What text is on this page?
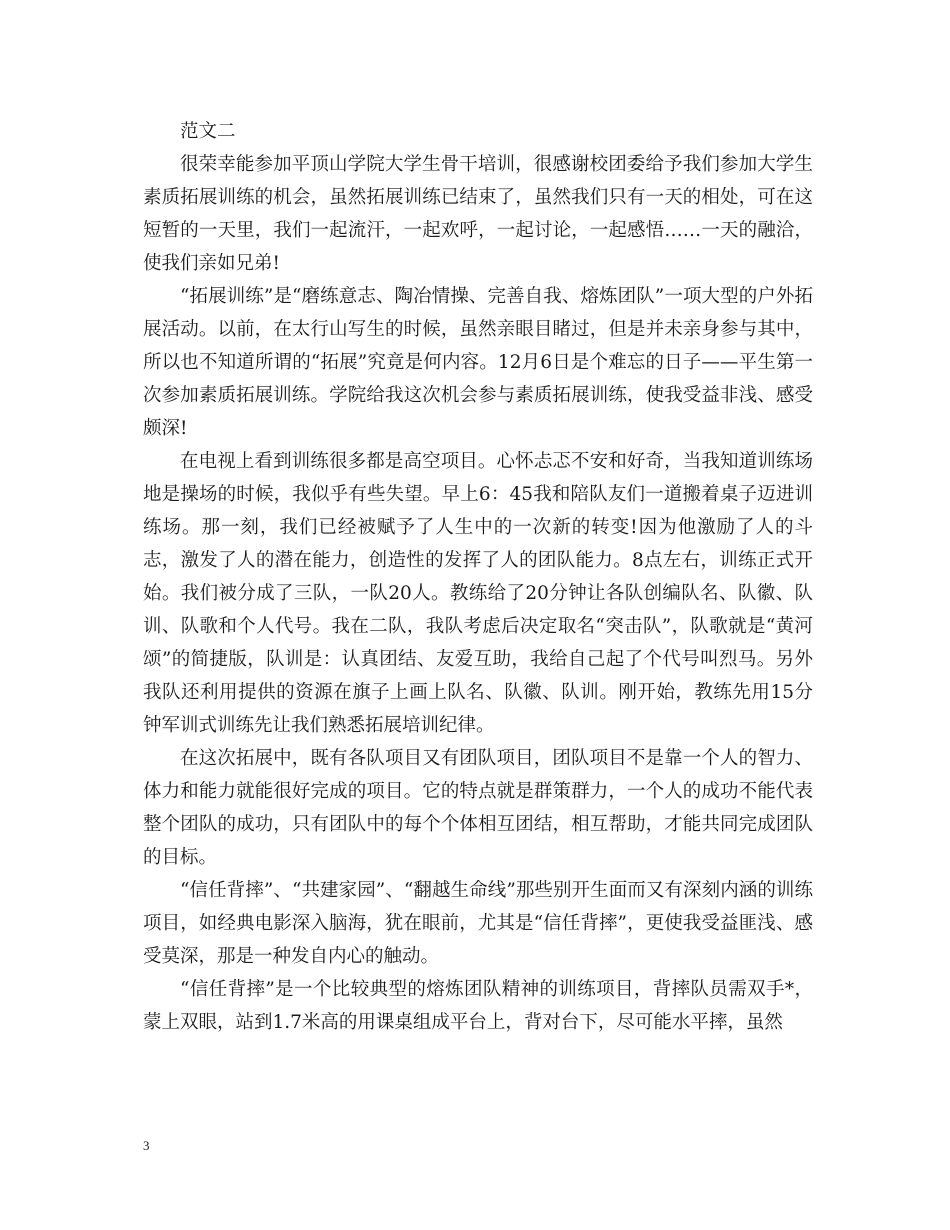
范文二

很荣幸能参加平顶山学院大学生骨干培训，很感谢校团委给予我们参加大学生素质拓展训练的机会，虽然拓展训练已结束了，虽然我们只有一天的相处，可在这短暂的一天里，我们一起流汗，一起欢呼，一起讨论，一起感悟……一天的融洽，使我们亲如兄弟!

“拓展训练”是“磨练意志、陶冶情操、完善自我、熔炼团队”一项大型的户外拓展活动。以前，在太行山写生的时候，虽然亲眼目睹过，但是并未亲身参与其中，所以也不知道所谓的“拓展”究竟是何内容。12月6日是个难忘的日子——平生第一次参加素质拓展训练。学院给我这次机会参与素质拓展训练，使我受益非浅、感受颇深!

在电视上看到训练很多都是高空项目。心怀忐忑不安和好奇，当我知道训练场地是操场的时候，我似乎有些失望。早上6：45我和陪队友们一道搬着桌子迈进训练场。那一刻，我们已经被赋予了人生中的一次新的转变!因为他激励了人的斗志，激发了人的潜在能力，创造性的发挥了人的团队能力。8点左右，训练正式开始。我们被分成了三队，一队20人。教练给了20分钟让各队创编队名、队徽、队训、队歌和个人代号。我在二队，我队考虑后决定取名“突击队”，队歌就是“黄河颂”的简捷版，队训是：认真团结、友爱互助，我给自己起了个代号叫烈马。另外我队还利用提供的资源在旗子上画上队名、队徽、队训。刚开始，教练先用15分钟军训式训练先让我们熟悉拓展培训纪律。

在这次拓展中，既有各队项目又有团队项目，团队项目不是靠一个人的智力、体力和能力就能很好完成的项目。它的特点就是群策群力，一个人的成功不能代表整个团队的成功，只有团队中的每个个体相互团结，相互帮助，才能共同完成团队的目标。

“信任背摔”、“共建家园”、“翻越生命线”那些别开生面而又有深刻内涵的训练项目，如经典电影深入脑海，犹在眼前，尤其是“信任背摔”，更使我受益匪浅、感受莫深，那是一种发自内心的触动。

“信任背摔”是一个比较典型的熔炼团队精神的训练项目，背摔队员需双手*，蒙上双眼，站到1.7米高的用课桌组成平台上，背对台下，尽可能水平摔，虽然

3
